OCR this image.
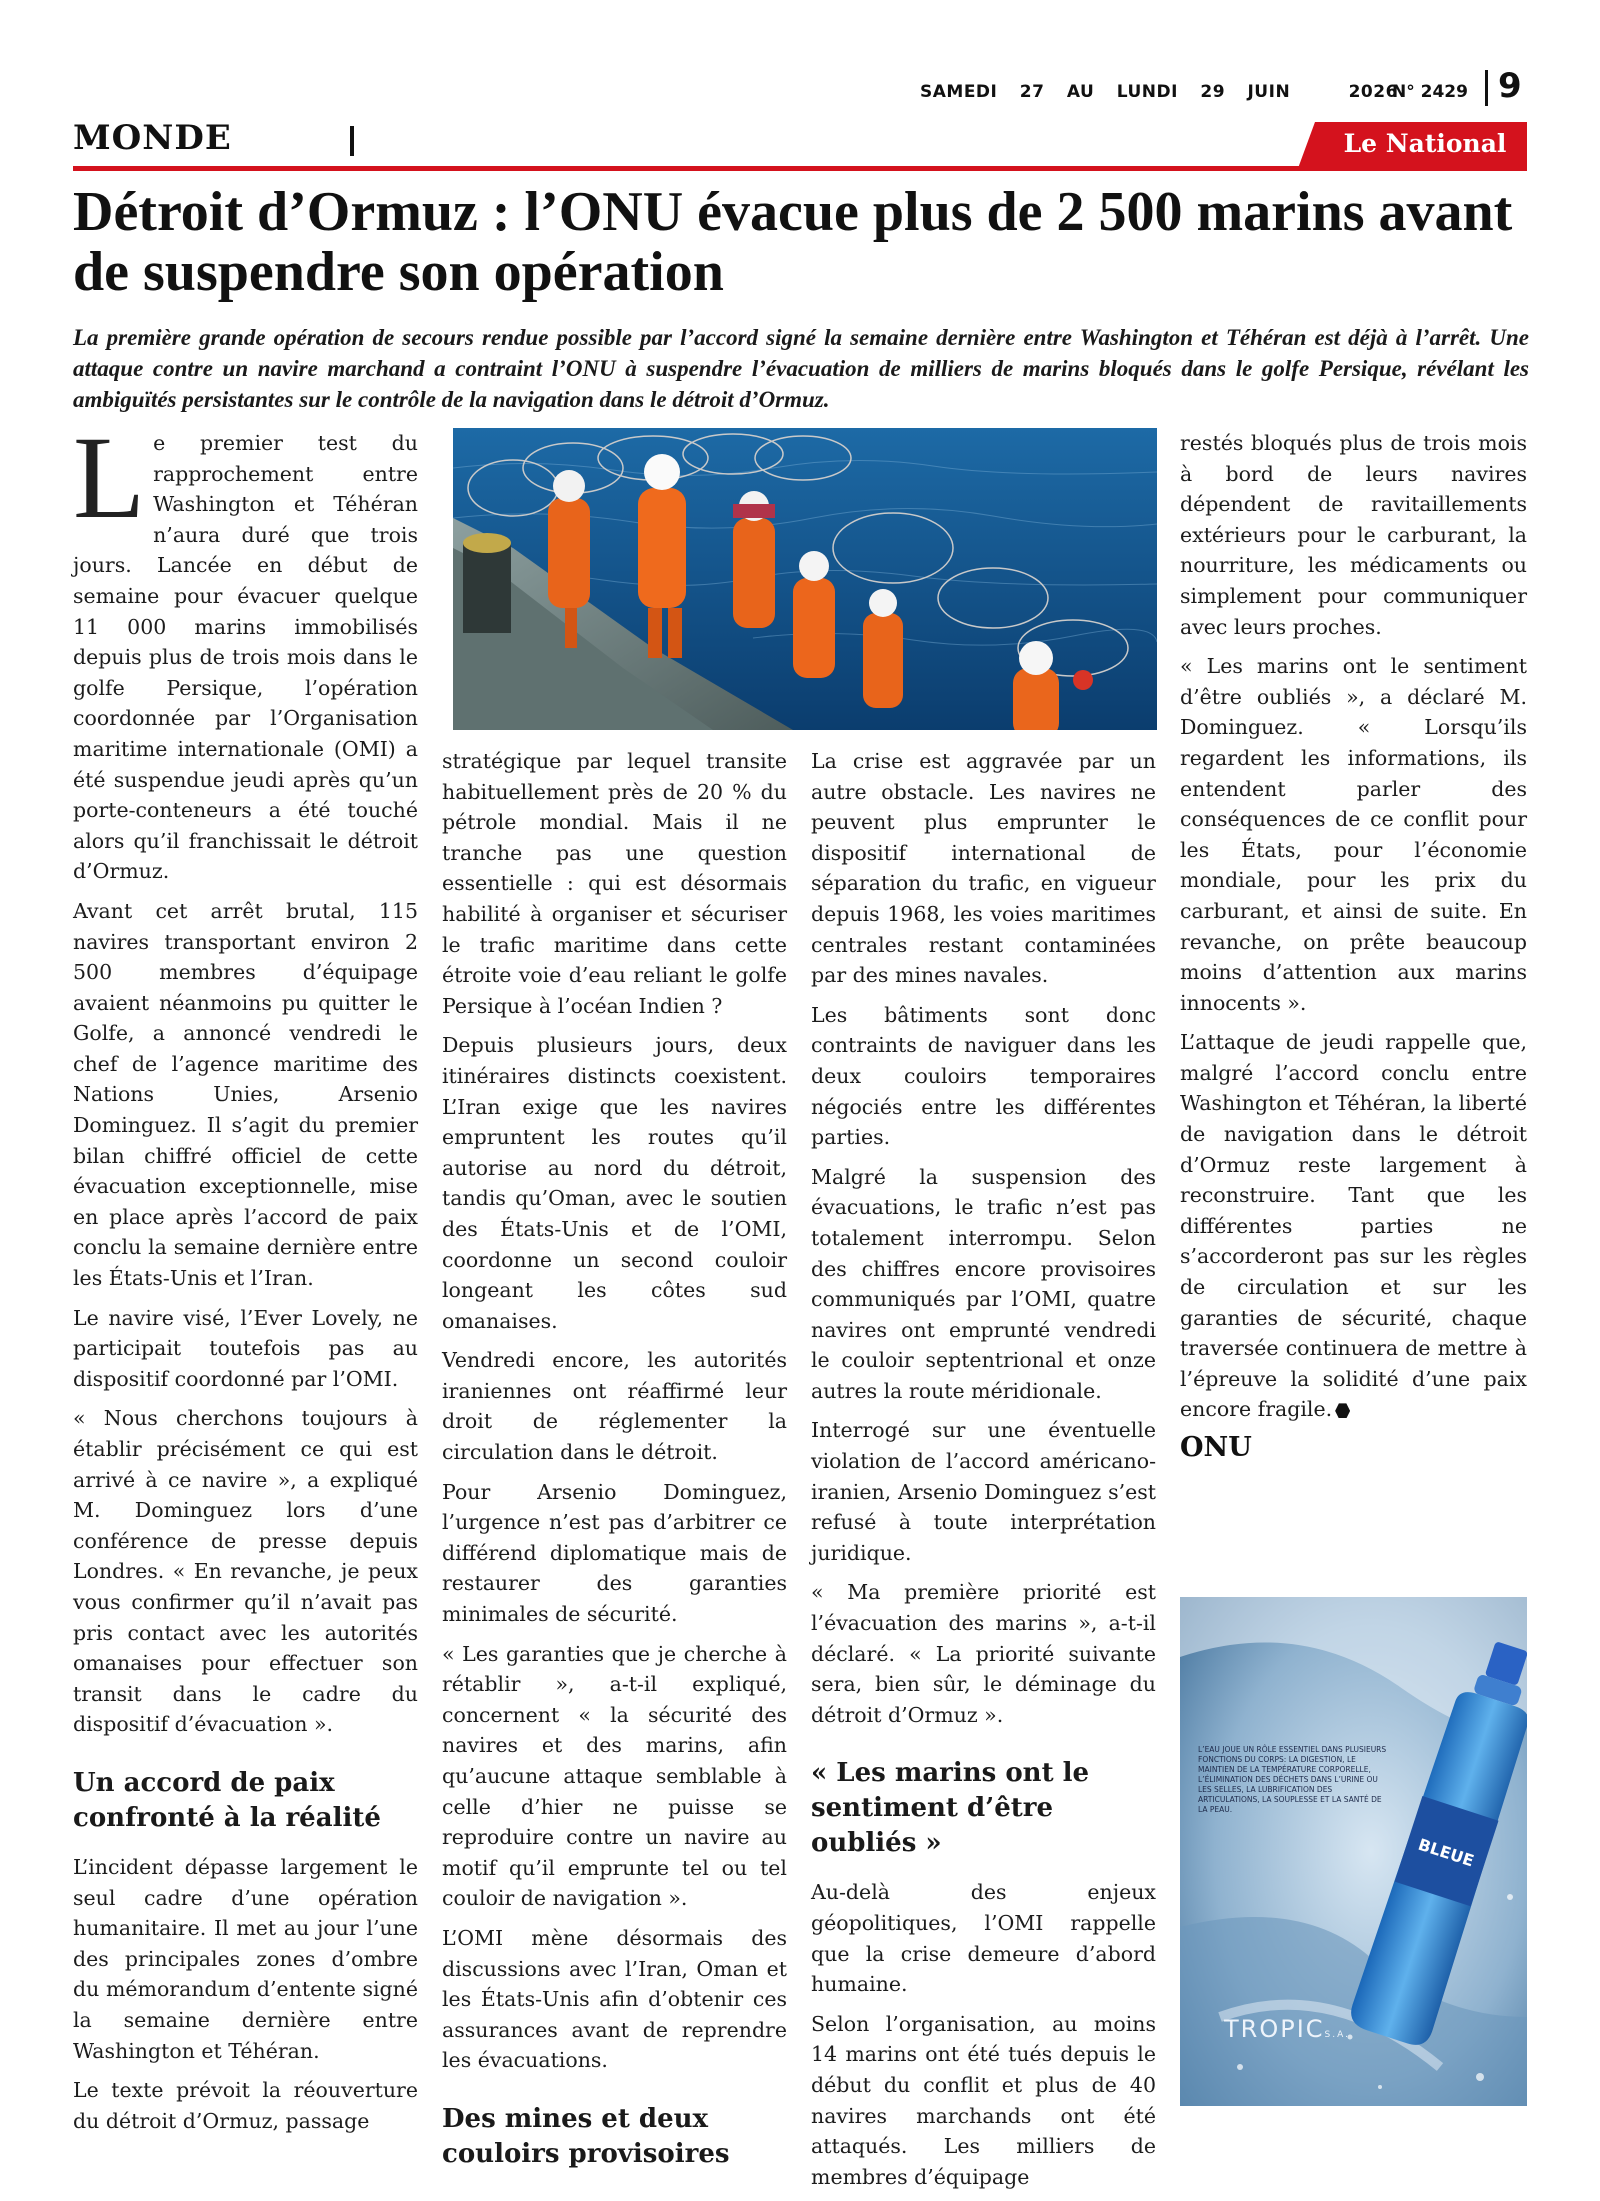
SAMEDI 27 AU LUNDI 29 JUIN	2026
N° 2429 9
MONDE	Le National
Détroit d’Ormuz : l’ONU évacue plus de 2 500 marins avant de suspendre son opération

La première grande opération de secours rendue possible par l’accord signé la semaine dernière entre Washington et Téhéran est déjà à l’arrêt. Une attaque contre un navire marchand a contraint l’ONU à suspendre l’évacuation de milliers de marins bloqués dans le golfe Persique, révélant les ambiguïtés persistantes sur le contrôle de la navigation dans le détroit d’Ormuz.

Le premier test du rapprochement entre Washington et Téhéran n’aura duré que trois jours. Lancée en début de semaine pour évacuer quelque 11 000 marins immobilisés depuis plus de trois mois dans le golfe Persique, l’opération coordonnée par l’Organisation maritime internationale (OMI) a été suspendue jeudi après qu’un porte-conteneurs a été touché alors qu’il franchissait le détroit d’Ormuz.

Avant cet arrêt brutal, 115 navires transportant environ 2 500 membres d’équipage avaient néanmoins pu quitter le Golfe, a annoncé vendredi le chef de l’agence maritime des Nations Unies, Arsenio Dominguez. Il s’agit du premier bilan chiffré officiel de cette évacuation exceptionnelle, mise en place après l’accord de paix conclu la semaine dernière entre les États-Unis et l’Iran.

Le navire visé, l’Ever Lovely, ne participait toutefois pas au dispositif coordonné par l’OMI.

« Nous cherchons toujours à établir précisément ce qui est arrivé à ce navire », a expliqué M. Dominguez lors d’une conférence de presse depuis Londres. « En revanche, je peux vous confirmer qu’il n’avait pas pris contact avec les autorités omanaises pour effectuer son transit dans le cadre du dispositif d’évacuation ».

Un accord de paix confronté à la réalité

L’incident dépasse largement le seul cadre d’une opération humanitaire. Il met au jour l’une des principales zones d’ombre du mémorandum d’entente signé la semaine dernière entre Washington et Téhéran.

Le texte prévoit la réouverture du détroit d’Ormuz, passage

stratégique par lequel transite habituellement près de 20 % du pétrole mondial. Mais il ne tranche pas une question essentielle : qui est désormais habilité à organiser et sécuriser le trafic maritime dans cette étroite voie d’eau reliant le golfe Persique à l’océan Indien ?

Depuis plusieurs jours, deux itinéraires distincts coexistent. L’Iran exige que les navires empruntent les routes qu’il autorise au nord du détroit, tandis qu’Oman, avec le soutien des États-Unis et de l’OMI, coordonne un second couloir longeant les côtes sud omanaises.

Vendredi encore, les autorités iraniennes ont réaffirmé leur droit de réglementer la circulation dans le détroit.

Pour Arsenio Dominguez, l’urgence n’est pas d’arbitrer ce différend diplomatique mais de restaurer des garanties minimales de sécurité.

« Les garanties que je cherche à rétablir », a-t-il expliqué, concernent « la sécurité des navires et des marins, afin qu’aucune attaque semblable à celle d’hier ne puisse se reproduire contre un navire au motif qu’il emprunte tel ou tel couloir de navigation ».

L’OMI mène désormais des discussions avec l’Iran, Oman et les États-Unis afin d’obtenir ces assurances avant de reprendre les évacuations.

Des mines et deux couloirs provisoires

La crise est aggravée par un autre obstacle. Les navires ne peuvent plus emprunter le dispositif international de séparation du trafic, en vigueur depuis 1968, les voies maritimes centrales restant contaminées par des mines navales.

Les bâtiments sont donc contraints de naviguer dans les deux couloirs temporaires négociés entre les différentes parties.

Malgré la suspension des évacuations, le trafic n’est pas totalement interrompu. Selon des chiffres encore provisoires communiqués par l’OMI, quatre navires ont emprunté vendredi le couloir septentrional et onze autres la route méridionale.

Interrogé sur une éventuelle violation de l’accord américano-iranien, Arsenio Dominguez s’est refusé à toute interprétation juridique.

« Ma première priorité est l’évacuation des marins », a-t-il déclaré. « La priorité suivante sera, bien sûr, le déminage du détroit d’Ormuz ».

« Les marins ont le sentiment d’être oubliés »

Au-delà des enjeux géopolitiques, l’OMI rappelle que la crise demeure d’abord humaine.

Selon l’organisation, au moins 14 marins ont été tués depuis le début du conflit et plus de 40 navires marchands ont été attaqués. Les milliers de membres d’équipage

restés bloqués plus de trois mois à bord de leurs navires dépendent de ravitaillements extérieurs pour le carburant, la nourriture, les médicaments ou simplement pour communiquer avec leurs proches.

« Les marins ont le sentiment d’être oubliés », a déclaré M. Dominguez. « Lorsqu’ils regardent les informations, ils entendent parler des conséquences de ce conflit pour les États, pour l’économie mondiale, pour les prix du carburant, et ainsi de suite. En revanche, on prête beaucoup moins d’attention aux marins innocents ».

L’attaque de jeudi rappelle que, malgré l’accord conclu entre Washington et Téhéran, la liberté de navigation dans le détroit d’Ormuz reste largement à reconstruire. Tant que les différentes parties ne s’accorderont pas sur les règles de circulation et sur les garanties de sécurité, chaque traversée continuera de mettre à l’épreuve la solidité d’une paix encore fragile.

ONU
BLEUE
L’EAU JOUE UN RÔLE ESSENTIEL DANS PLUSIEURS FONCTIONS DU CORPS: LA DIGESTION, LE MAINTIEN DE LA TEMPÉRATURE CORPORELLE, L’ÉLIMINATION DES DÉCHETS DANS L’URINE OU LES SELLES, LA LUBRIFICATION DES ARTICULATIONS, LA SOUPLESSE ET LA SANTÉ DE LA PEAU.
TROPICS.A.
